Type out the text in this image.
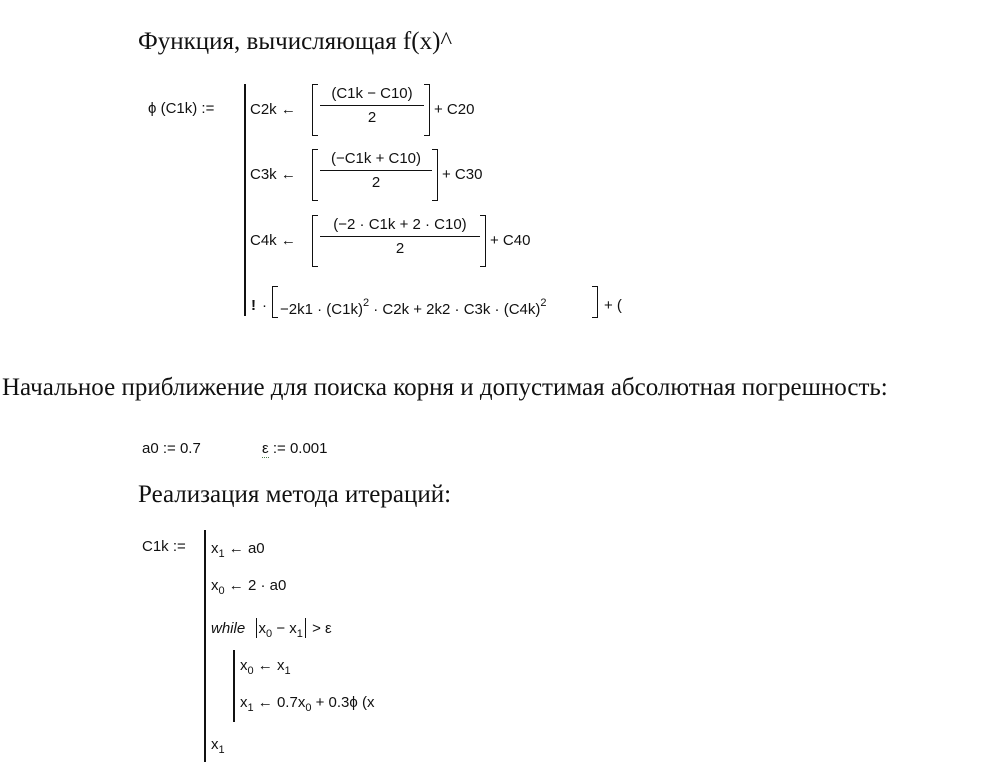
Функция, вычисляющая f(x)^
ϕ (C1k) := C2k ←
(C1k − C10)
2	+ C20
C3k ←
(−C1k + C10)
2	+ C30
C4k ←
(−2 · C1k + 2 · C10)
2	+ C40
! · $-2k1 \cdot (C1k)^2 \cdot C2k + 2k2 \cdot C3k \cdot (C4k)^2$	+ (
Начальное приближение для поиска корня и допустимая абсолютная погрешность:
a0 := 0.7	ε := 0.001
Реализация метода итераций:
C1k := $x_1$ ← a0
$x_0$ ← 2 · a0
while $x_0 - x_1 > \varepsilon$
$x_0$ ← $x_1$
$x_1$ ← $0.7x_0 + 0.3\phi$ (x
$x_1$
